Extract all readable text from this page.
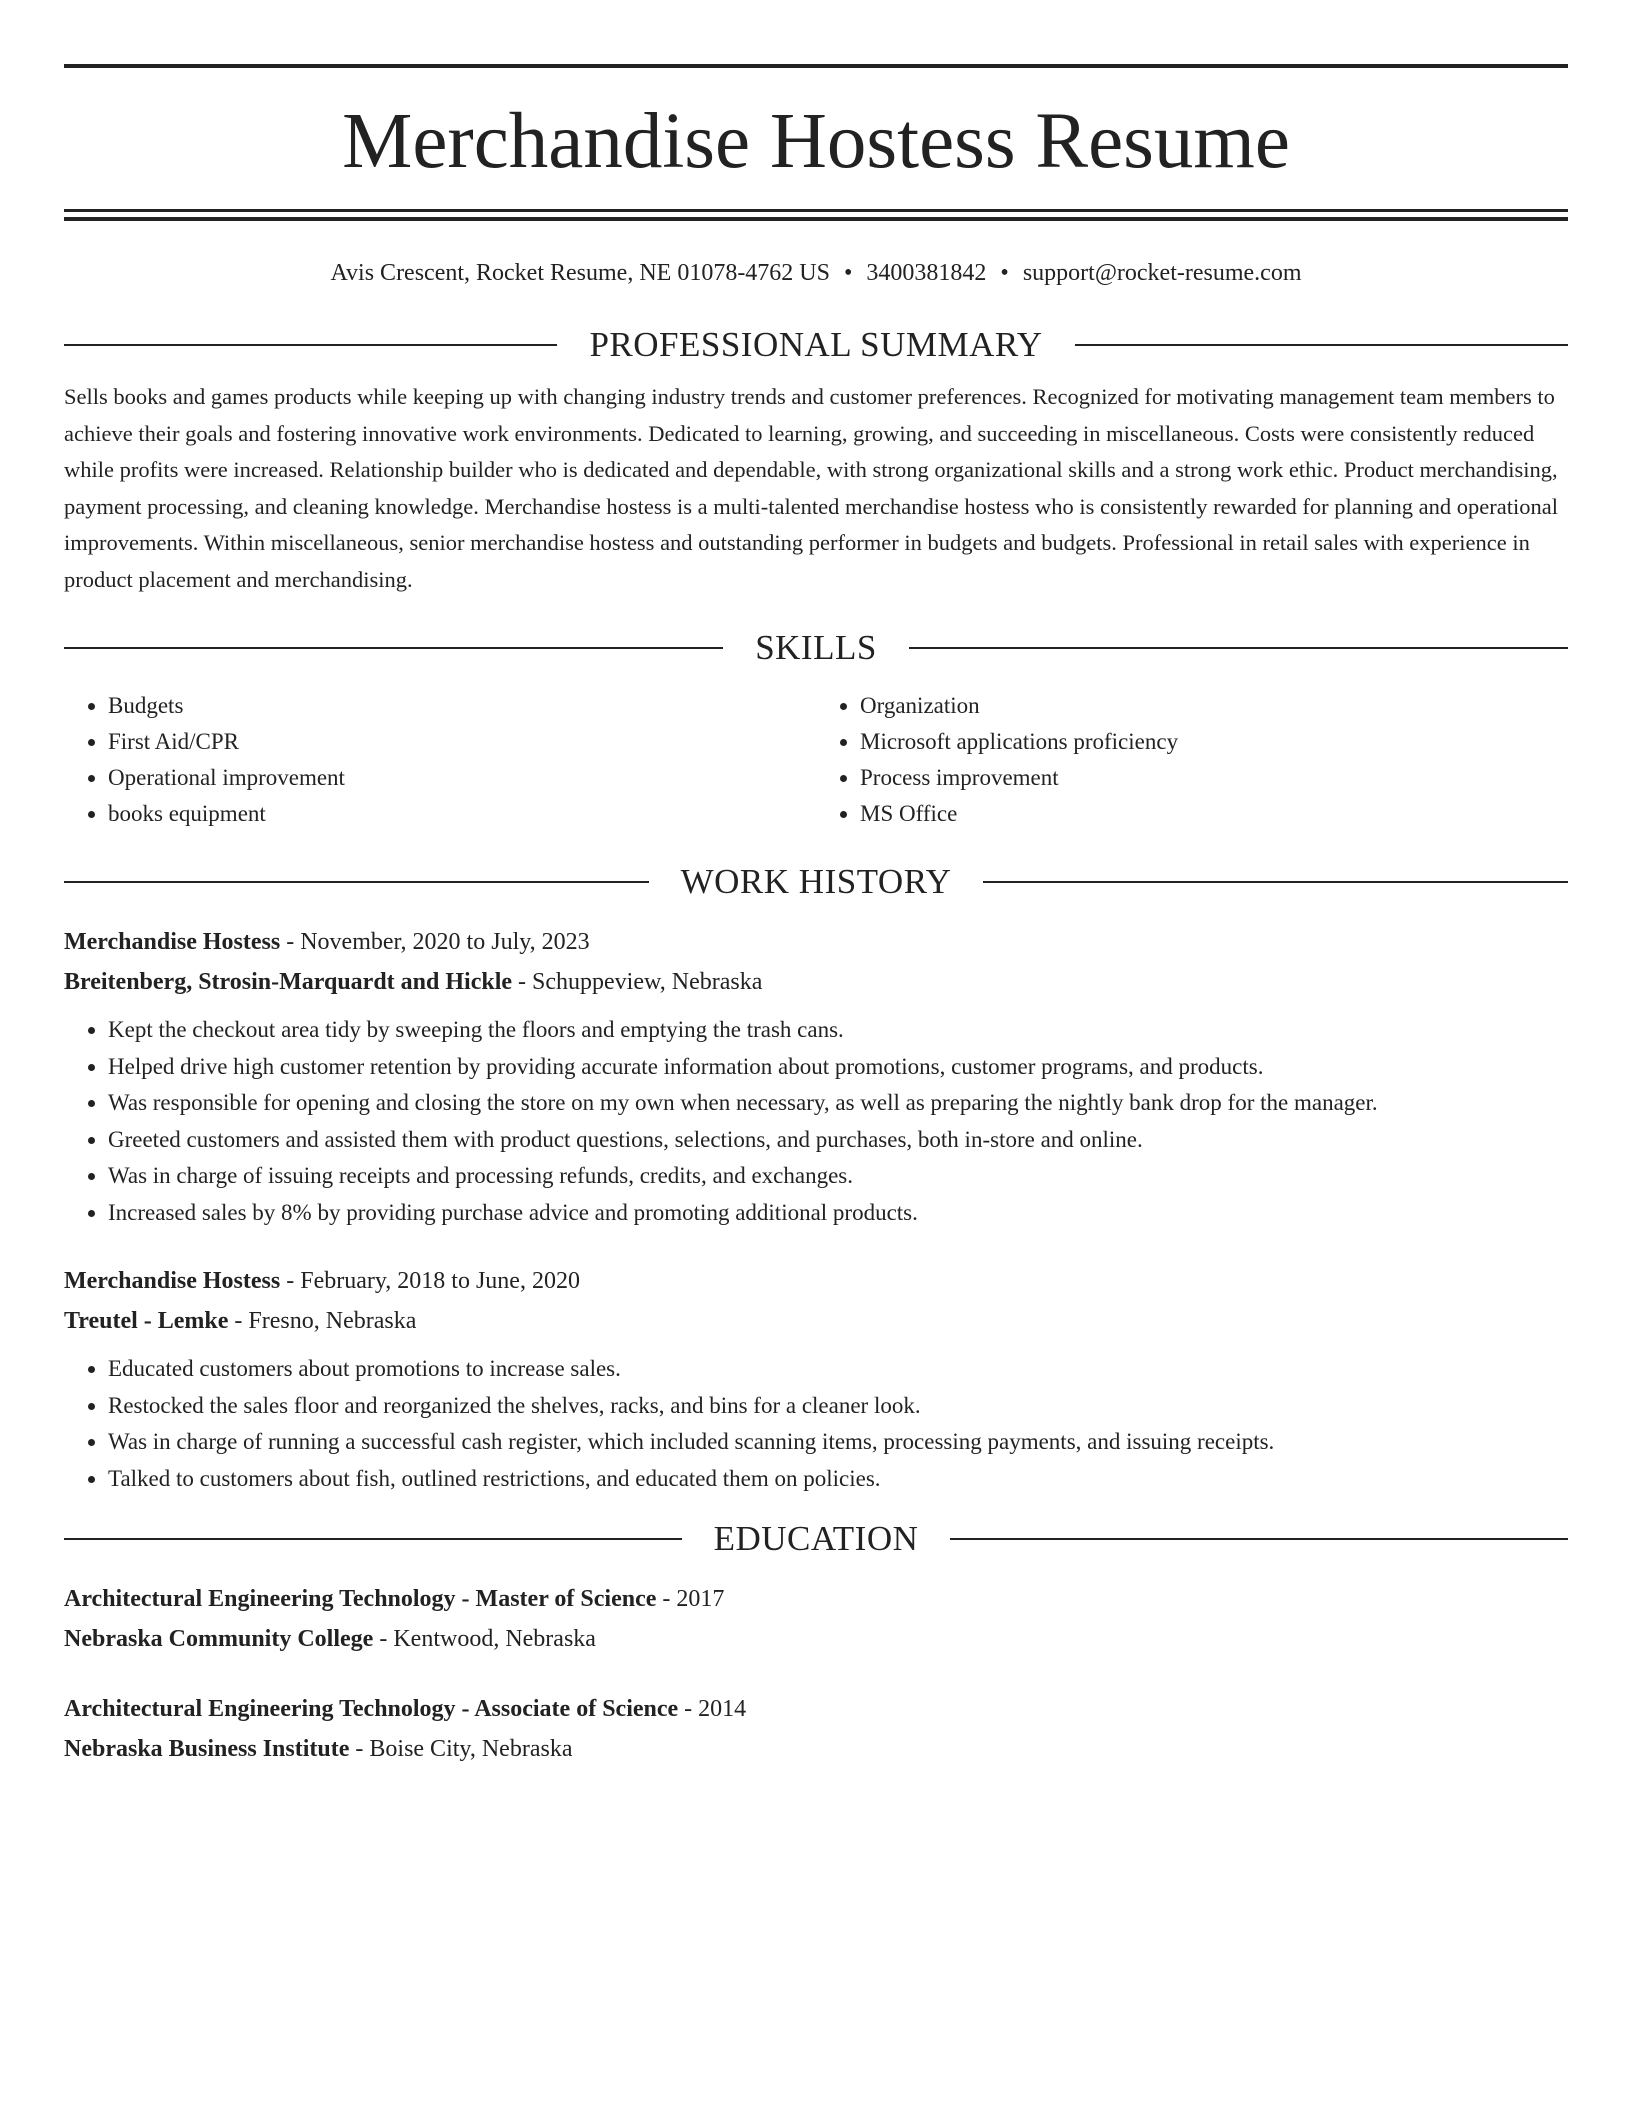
Merchandise Hostess Resume
Avis Crescent, Rocket Resume, NE 01078-4762 US • 3400381842 • support@rocket-resume.com
PROFESSIONAL SUMMARY
Sells books and games products while keeping up with changing industry trends and customer preferences. Recognized for motivating management team members to achieve their goals and fostering innovative work environments. Dedicated to learning, growing, and succeeding in miscellaneous. Costs were consistently reduced while profits were increased. Relationship builder who is dedicated and dependable, with strong organizational skills and a strong work ethic. Product merchandising, payment processing, and cleaning knowledge. Merchandise hostess is a multi-talented merchandise hostess who is consistently rewarded for planning and operational improvements. Within miscellaneous, senior merchandise hostess and outstanding performer in budgets and budgets. Professional in retail sales with experience in product placement and merchandising.
SKILLS
• Budgets
• First Aid/CPR
• Operational improvement
• books equipment
• Organization
• Microsoft applications proficiency
• Process improvement
• MS Office
WORK HISTORY
Merchandise Hostess - November, 2020 to July, 2023
Breitenberg, Strosin-Marquardt and Hickle - Schuppeview, Nebraska
• Kept the checkout area tidy by sweeping the floors and emptying the trash cans.
• Helped drive high customer retention by providing accurate information about promotions, customer programs, and products.
• Was responsible for opening and closing the store on my own when necessary, as well as preparing the nightly bank drop for the manager.
• Greeted customers and assisted them with product questions, selections, and purchases, both in-store and online.
• Was in charge of issuing receipts and processing refunds, credits, and exchanges.
• Increased sales by 8% by providing purchase advice and promoting additional products.
Merchandise Hostess - February, 2018 to June, 2020
Treutel - Lemke - Fresno, Nebraska
• Educated customers about promotions to increase sales.
• Restocked the sales floor and reorganized the shelves, racks, and bins for a cleaner look.
• Was in charge of running a successful cash register, which included scanning items, processing payments, and issuing receipts.
• Talked to customers about fish, outlined restrictions, and educated them on policies.
EDUCATION
Architectural Engineering Technology - Master of Science - 2017
Nebraska Community College - Kentwood, Nebraska
Architectural Engineering Technology - Associate of Science - 2014
Nebraska Business Institute - Boise City, Nebraska
